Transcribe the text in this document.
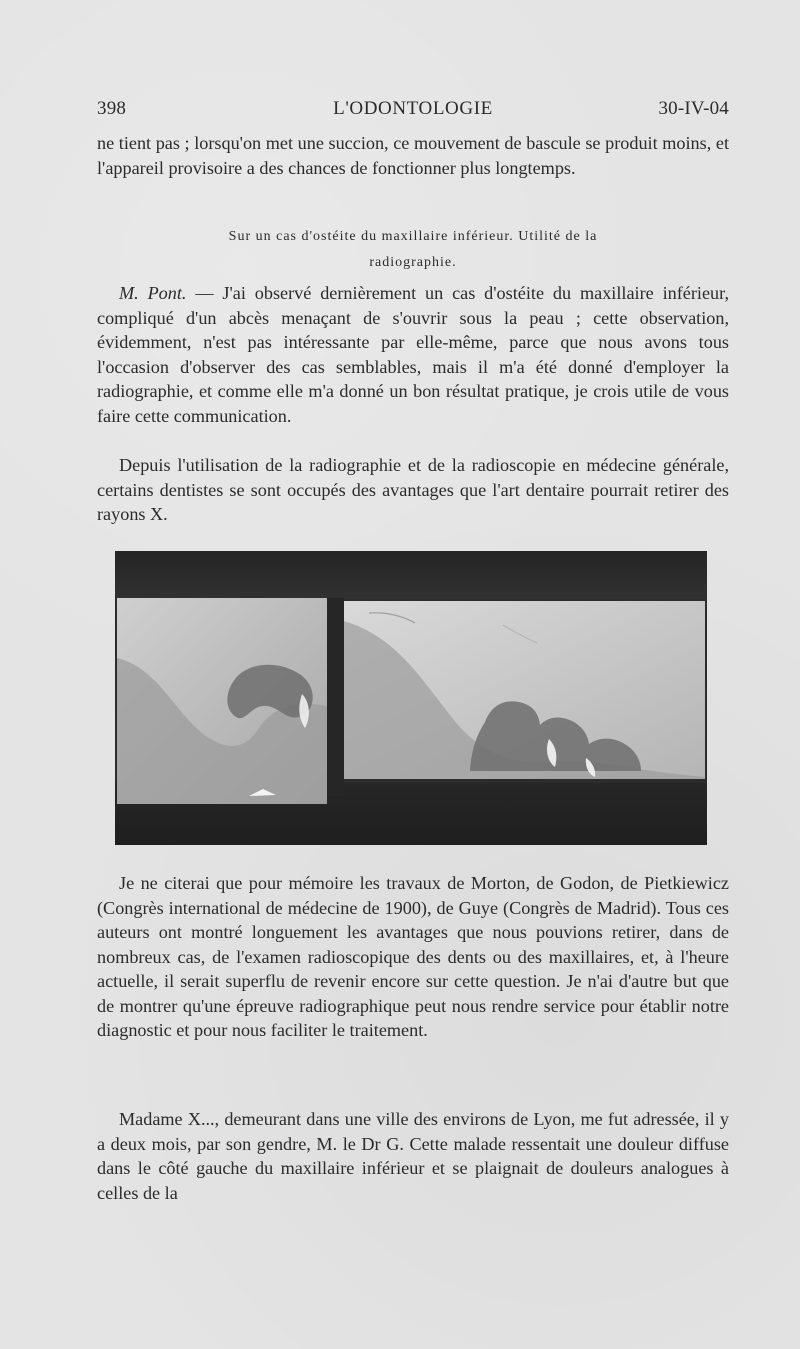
398	L'ODONTOLOGIE	30-IV-04

ne tient pas ; lorsqu'on met une succion, ce mouvement de bascule se produit moins, et l'appareil provisoire a des chances de fonctionner plus longtemps.

Sur un cas d'ostéite du maxillaire inférieur. Utilité de la
radiographie.

M. Pont. — J'ai observé dernièrement un cas d'ostéite du maxillaire inférieur, compliqué d'un abcès menaçant de s'ouvrir sous la peau ; cette observation, évidemment, n'est pas intéressante par elle-même, parce que nous avons tous l'occasion d'observer des cas semblables, mais il m'a été donné d'employer la radiographie, et comme elle m'a donné un bon résultat pratique, je crois utile de vous faire cette communication.

Depuis l'utilisation de la radiographie et de la radioscopie en médecine générale, certains dentistes se sont occupés des avantages que l'art dentaire pourrait retirer des rayons X.

Je ne citerai que pour mémoire les travaux de Morton, de Godon, de Pietkiewicz (Congrès international de médecine de 1900), de Guye (Congrès de Madrid). Tous ces auteurs ont montré longuement les avantages que nous pouvions retirer, dans de nombreux cas, de l'examen radioscopique des dents ou des maxillaires, et, à l'heure actuelle, il serait superflu de revenir encore sur cette question. Je n'ai d'autre but que de montrer qu'une épreuve radiographique peut nous rendre service pour établir notre diagnostic et pour nous faciliter le traitement.

Madame X..., demeurant dans une ville des environs de Lyon, me fut adressée, il y a deux mois, par son gendre, M. le Dr G. Cette malade ressentait une douleur diffuse dans le côté gauche du maxillaire inférieur et se plaignait de douleurs analogues à celles de la
